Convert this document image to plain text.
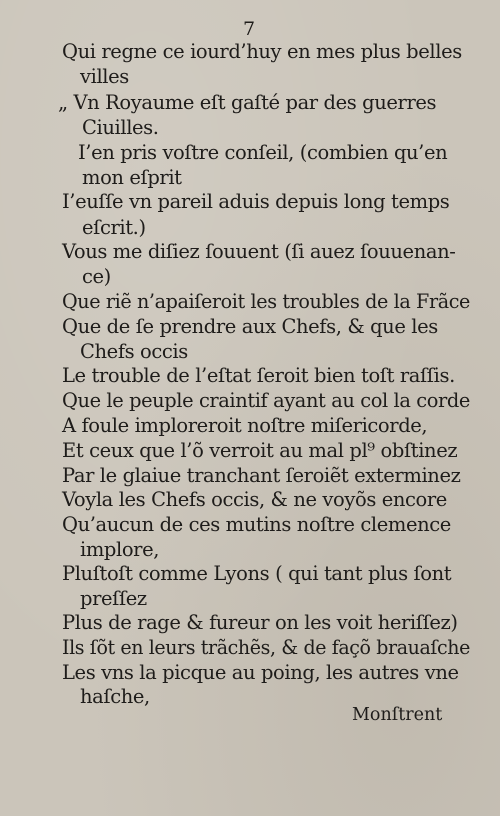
7
Qui regne ce iourd’huy en mes plus belles
villes
„ Vn Royaume eſt gaſté par des guerres
Ciuilles.
I’en pris voſtre conſeil, (combien qu’en
mon eſprit
I’euſſe vn pareil aduis depuis long temps
eſcrit.)
Vous me diſiez ſouuent (ſi auez ſouuenan-
ce)
Que riẽ n’apaiſeroit les troubles de la Frãce
Que de ſe prendre aux Chefs, & que les
Chefs occis
Le trouble de l’eſtat ſeroit bien toſt raſſis.
Que le peuple craintif ayant au col la corde
A foule imploreroit noſtre miſericorde,
Et ceux que l’õ verroit au mal pl⁹ obſtinez
Par le glaiue tranchant ſeroiẽt exterminez
Voyla les Chefs occis, & ne voyõs encore
Qu’aucun de ces mutins noſtre clemence
implore,
Pluſtoſt comme Lyons ( qui tant plus ſont
preſſez
Plus de rage & fureur on les voit heriſſez)
Ils ſõt en leurs trãchẽs, & de façõ brauaſche
Les vns la picque au poing, les autres vne
haſche,
Monſtrent
